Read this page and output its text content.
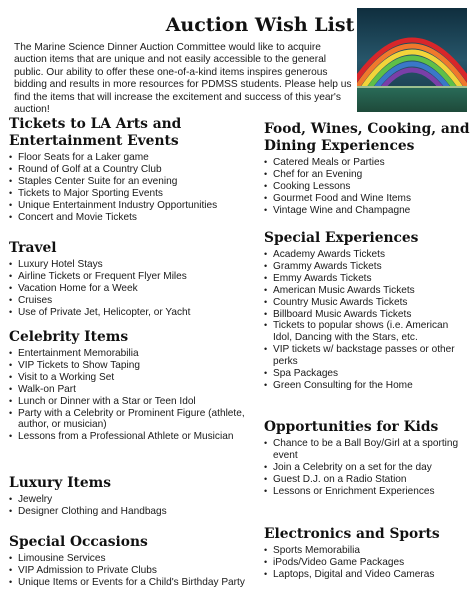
Auction Wish List

The Marine Science Dinner Auction Committee would like to acquire auction items that are unique and not easily accessible to the general public. Our ability to offer these one-of-a-kind items inspires generous bidding and results in more resources for PDMSS students. Please help us find the items that will increase the excitement and success of this year's auction!

Tickets to LA Arts and Entertainment Events
• Floor Seats for a Laker game
• Round of Golf at a Country Club
• Staples Center Suite for an evening
• Tickets to Major Sporting Events
• Unique Entertainment Industry Opportunities
• Concert and Movie Tickets
Travel
• Luxury Hotel Stays
• Airline Tickets or Frequent Flyer Miles
• Vacation Home for a Week
• Cruises
• Use of Private Jet, Helicopter, or Yacht
Celebrity Items
• Entertainment Memorabilia
• VIP Tickets to Show Taping
• Visit to a Working Set
• Walk-on Part
• Lunch or Dinner with a Star or Teen Idol
• Party with a Celebrity or Prominent Figure (athlete, author, or musician)
• Lessons from a Professional Athlete or Musician
Luxury Items
• Jewelry
• Designer Clothing and Handbags
Special Occasions
• Limousine Services
• VIP Admission to Private Clubs
• Unique Items or Events for a Child's Birthday Party
Food, Wines, Cooking, and Dining Experiences
• Catered Meals or Parties
• Chef for an Evening
• Cooking Lessons
• Gourmet Food and Wine Items
• Vintage Wine and Champagne
Special Experiences
• Academy Awards Tickets
• Grammy Awards Tickets
• Emmy Awards Tickets
• American Music Awards Tickets
• Country Music Awards Tickets
• Billboard Music Awards Tickets
• Tickets to popular shows (i.e. American Idol, Dancing with the Stars, etc.
• VIP tickets w/ backstage passes or other perks
• Spa Packages
• Green Consulting for the Home
Opportunities for Kids
• Chance to be a Ball Boy/Girl at a sporting event
• Join a Celebrity on a set for the day
• Guest D.J. on a Radio Station
• Lessons or Enrichment Experiences
Electronics and Sports
• Sports Memorabilia
• iPods/Video Game Packages
• Laptops, Digital and Video Cameras
